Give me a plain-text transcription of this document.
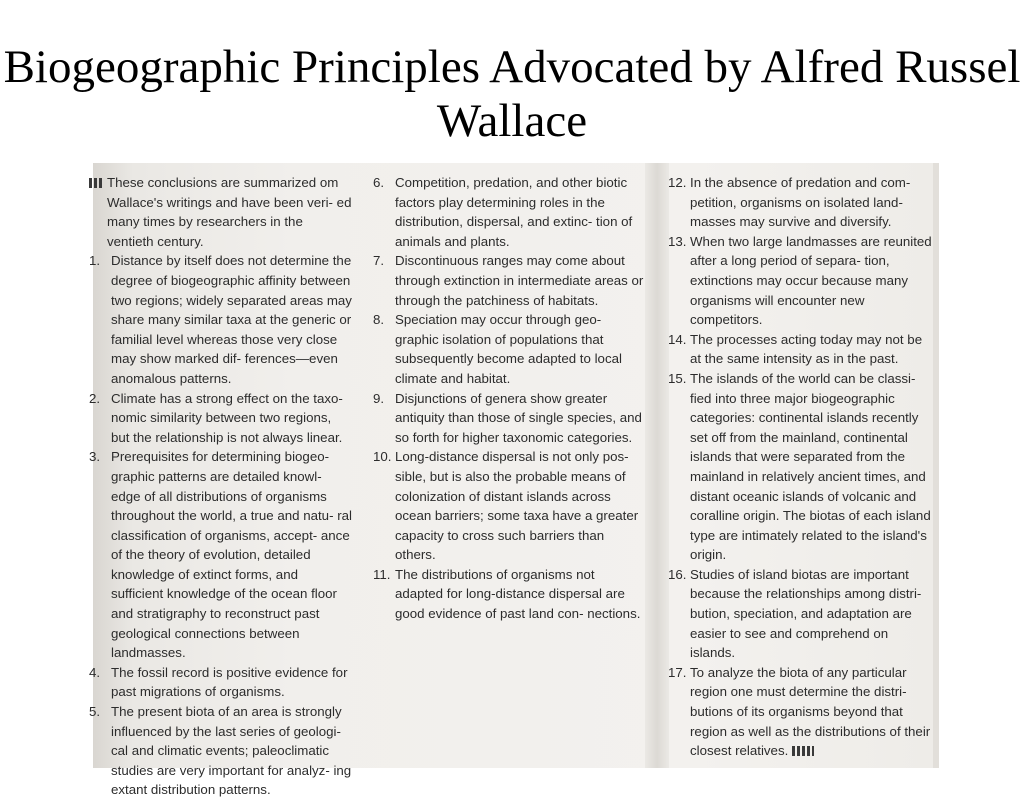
Biogeographic Principles Advocated by Alfred Russel Wallace

These conclusions are summarized om Wallace's writings and have been veri- ed many times by researchers in the ventieth century.

1. Distance by itself does not determine the degree of biogeographic affinity between two regions; widely separated areas may share many similar taxa at the generic or familial level whereas those very close may show marked dif- ferences—even anomalous patterns.

2. Climate has a strong effect on the taxo- nomic similarity between two regions, but the relationship is not always linear.

3. Prerequisites for determining biogeo- graphic patterns are detailed knowl- edge of all distributions of organisms throughout the world, a true and natu- ral classification of organisms, accept- ance of the theory of evolution, detailed knowledge of extinct forms, and sufficient knowledge of the ocean floor and stratigraphy to reconstruct past geological connections between landmasses.

4. The fossil record is positive evidence for past migrations of organisms.

5. The present biota of an area is strongly influenced by the last series of geologi- cal and climatic events; paleoclimatic studies are very important for analyz- ing extant distribution patterns.

6. Competition, predation, and other biotic factors play determining roles in the distribution, dispersal, and extinc- tion of animals and plants.

7. Discontinuous ranges may come about through extinction in intermediate areas or through the patchiness of habitats.

8. Speciation may occur through geo- graphic isolation of populations that subsequently become adapted to local climate and habitat.

9. Disjunctions of genera show greater antiquity than those of single species, and so forth for higher taxonomic categories.

10. Long-distance dispersal is not only pos- sible, but is also the probable means of colonization of distant islands across ocean barriers; some taxa have a greater capacity to cross such barriers than others.

11. The distributions of organisms not adapted for long-distance dispersal are good evidence of past land con- nections.

12. In the absence of predation and com- petition, organisms on isolated land- masses may survive and diversify.

13. When two large landmasses are reunited after a long period of separa- tion, extinctions may occur because many organisms will encounter new competitors.

14. The processes acting today may not be at the same intensity as in the past.

15. The islands of the world can be classi- fied into three major biogeographic categories: continental islands recently set off from the mainland, continental islands that were separated from the mainland in relatively ancient times, and distant oceanic islands of volcanic and coralline origin. The biotas of each island type are intimately related to the island's origin.

16. Studies of island biotas are important because the relationships among distri- bution, speciation, and adaptation are easier to see and comprehend on islands.

17. To analyze the biota of any particular region one must determine the distri- butions of its organisms beyond that region as well as the distributions of their closest relatives.
